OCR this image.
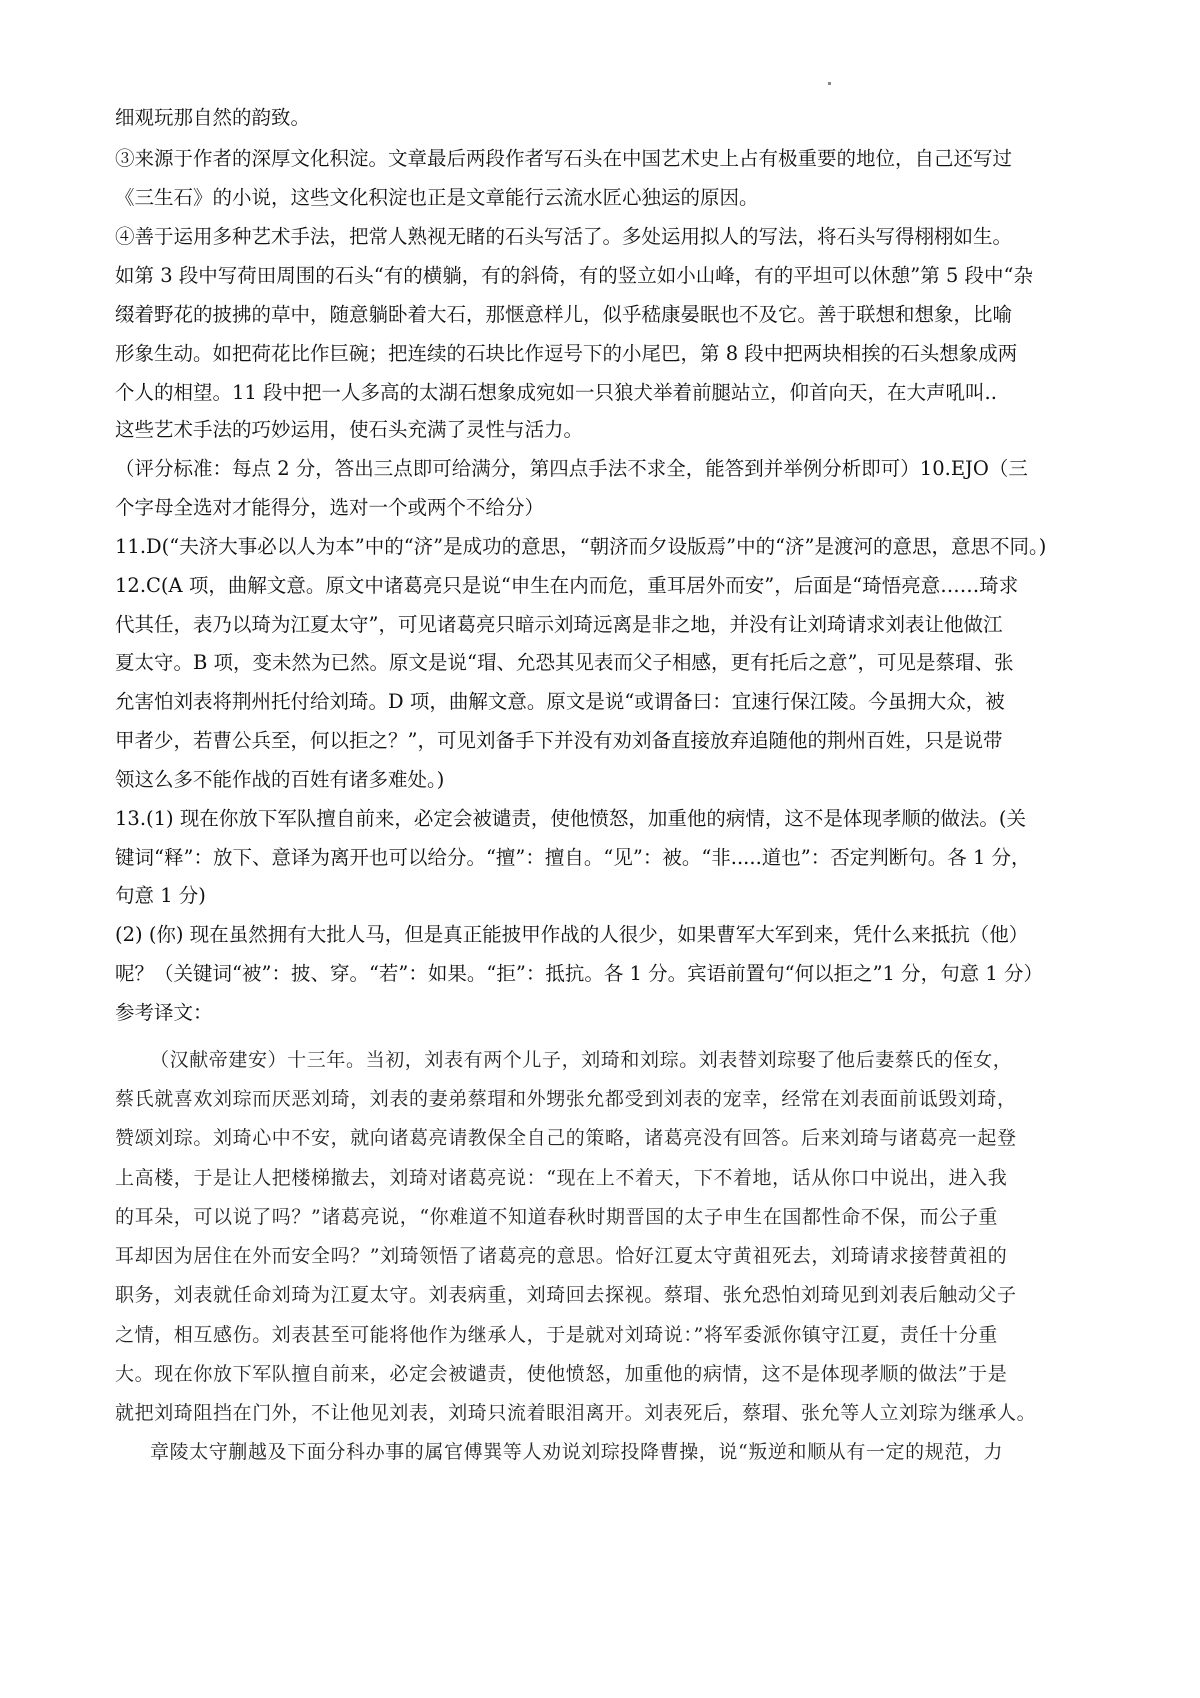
细观玩那自然的韵致。
③来源于作者的深厚文化积淀。文章最后两段作者写石头在中国艺术史上占有极重要的地位，自己还写过
《三生石》的小说，这些文化积淀也正是文章能行云流水匠心独运的原因。
④善于运用多种艺术手法，把常人熟视无睹的石头写活了。多处运用拟人的写法，将石头写得栩栩如生。
如第 3 段中写荷田周围的石头“有的横躺，有的斜倚，有的竖立如小山峰，有的平坦可以休憩”第 5 段中“杂
缀着野花的披拂的草中，随意躺卧着大石，那惬意样儿，似乎嵇康晏眠也不及它。善于联想和想象，比喻
形象生动。如把荷花比作巨碗；把连续的石块比作逗号下的小尾巴，第 8 段中把两块相挨的石头想象成两
个人的相望。11 段中把一人多高的太湖石想象成宛如一只狼犬举着前腿站立，仰首向天，在大声吼叫..
这些艺术手法的巧妙运用，使石头充满了灵性与活力。
（评分标准：每点 2 分，答出三点即可给满分，第四点手法不求全，能答到并举例分析即可）10.EJO（三
个字母全选对才能得分，选对一个或两个不给分）
11.D(“夫济大事必以人为本”中的“济”是成功的意思，“朝济而夕设版焉”中的“济”是渡河的意思，意思不同。)
12.C(A 项，曲解文意。原文中诸葛亮只是说“申生在内而危，重耳居外而安”，后面是“琦悟亮意……琦求
代其任，表乃以琦为江夏太守”，可见诸葛亮只暗示刘琦远离是非之地，并没有让刘琦请求刘表让他做江
夏太守。B 项，变未然为已然。原文是说“瑁、允恐其见表而父子相感，更有托后之意”，可见是蔡瑁、张
允害怕刘表将荆州托付给刘琦。D 项，曲解文意。原文是说“或谓备曰：宜速行保江陵。今虽拥大众，被
甲者少，若曹公兵至，何以拒之？”，可见刘备手下并没有劝刘备直接放弃追随他的荆州百姓，只是说带
领这么多不能作战的百姓有诸多难处。)
13.(1) 现在你放下军队擅自前来，必定会被谴责，使他愤怒，加重他的病情，这不是体现孝顺的做法。(关
键词“释”：放下、意译为离开也可以给分。“擅”：擅自。“见”：被。“非.....道也”：否定判断句。各 1 分，
句意 1 分)
(2) (你) 现在虽然拥有大批人马，但是真正能披甲作战的人很少，如果曹军大军到来，凭什么来抵抗（他）
呢？（关键词“被”：披、穿。“若”：如果。“拒”：抵抗。各 1 分。宾语前置句“何以拒之”1 分，句意 1 分）
参考译文：
（汉献帝建安）十三年。当初，刘表有两个儿子，刘琦和刘琮。刘表替刘琮娶了他后妻蔡氏的侄女，
蔡氏就喜欢刘琮而厌恶刘琦，刘表的妻弟蔡瑁和外甥张允都受到刘表的宠幸，经常在刘表面前诋毁刘琦，
赞颂刘琮。刘琦心中不安，就向诸葛亮请教保全自己的策略，诸葛亮没有回答。后来刘琦与诸葛亮一起登
上高楼，于是让人把楼梯撤去，刘琦对诸葛亮说：“现在上不着天，下不着地，话从你口中说出，进入我
的耳朵，可以说了吗？”诸葛亮说，“你难道不知道春秋时期晋国的太子申生在国都性命不保，而公子重
耳却因为居住在外而安全吗？”刘琦领悟了诸葛亮的意思。恰好江夏太守黄祖死去，刘琦请求接替黄祖的
职务，刘表就任命刘琦为江夏太守。刘表病重，刘琦回去探视。蔡瑁、张允恐怕刘琦见到刘表后触动父子
之情，相互感伤。刘表甚至可能将他作为继承人，于是就对刘琦说：”将军委派你镇守江夏，责任十分重
大。现在你放下军队擅自前来，必定会被谴责，使他愤怒，加重他的病情，这不是体现孝顺的做法”于是
就把刘琦阻挡在门外，不让他见刘表，刘琦只流着眼泪离开。刘表死后，蔡瑁、张允等人立刘琮为继承人。
章陵太守蒯越及下面分科办事的属官傅巽等人劝说刘琮投降曹操，说“叛逆和顺从有一定的规范，力
